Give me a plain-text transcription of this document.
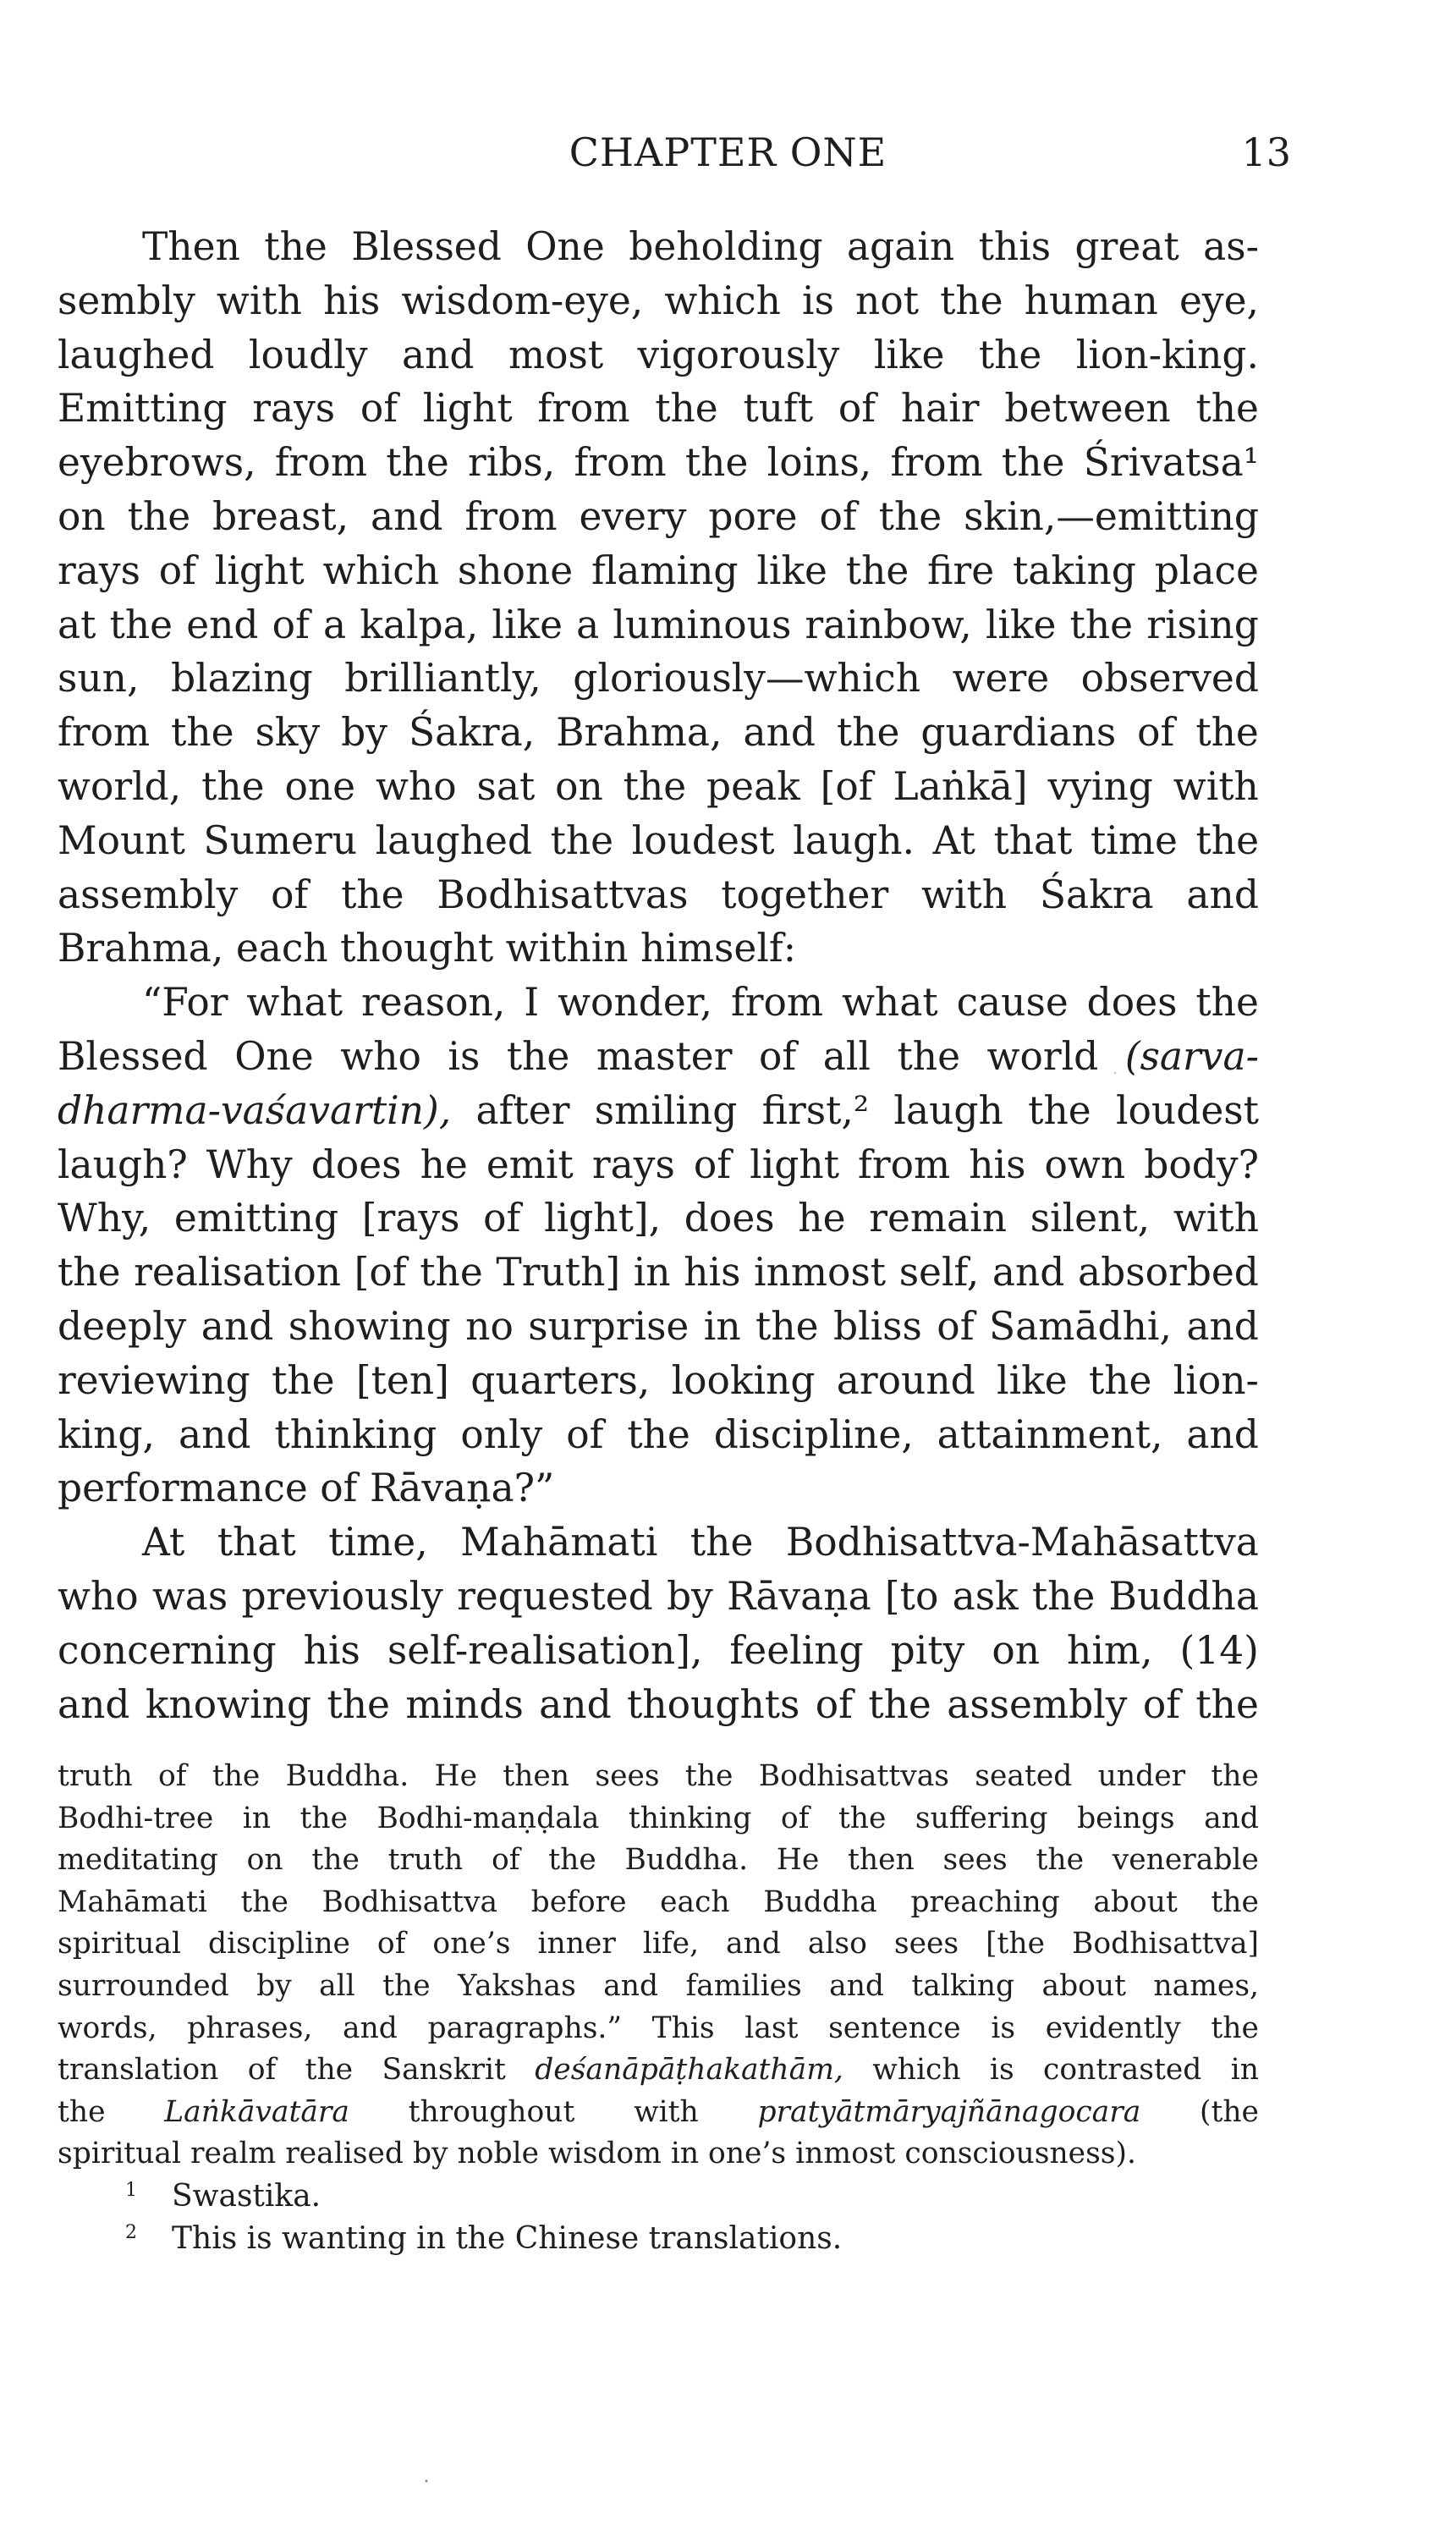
CHAPTER ONE	13
Then the Blessed One beholding again this great as-
sembly with his wisdom-eye, which is not the human eye,
laughed loudly and most vigorously like the lion-king.
Emitting rays of light from the tuft of hair between the
eyebrows, from the ribs, from the loins, from the Śrivatsa¹
on the breast, and from every pore of the skin,—emitting
rays of light which shone flaming like the fire taking place
at the end of a kalpa, like a luminous rainbow, like the rising
sun, blazing brilliantly, gloriously—which were observed
from the sky by Śakra, Brahma, and the guardians of the
world, the one who sat on the peak [of Laṅkā] vying with
Mount Sumeru laughed the loudest laugh. At that time the
assembly of the Bodhisattvas together with Śakra and
Brahma,
each
thought
within
himself:

“For what reason, I wonder, from what cause does the
Blessed One who is the master of all the world (sarva-
dharma-vaśavartin), after smiling first,² laugh the loudest
laugh? Why does he emit rays of light from his own body?
Why, emitting [rays of light], does he remain silent, with
the realisation [of the Truth] in his inmost self, and absorbed
deeply and showing no surprise in the bliss of Samādhi, and
reviewing the [ten] quarters, looking around like the lion-
king, and thinking only of the discipline, attainment, and
performance
of
Rāvaṇa?”

At that time, Mahāmati the Bodhisattva-Mahāsattva
who was previously requested by Rāvaṇa [to ask the Buddha
concerning his self-realisation], feeling pity on him, (14)
and knowing the minds and thoughts of the assembly of the
truth of the Buddha. He then sees the Bodhisattvas seated under the
Bodhi-tree in the Bodhi-maṇḍala thinking of the suffering beings and
meditating on the truth of the Buddha. He then sees the venerable
Mahāmati the Bodhisattva before each Buddha preaching about the
spiritual discipline of one’s inner life, and also sees [the Bodhisattva]
surrounded by all the Yakshas and families and talking about names,
words, phrases, and paragraphs.” This last sentence is evidently the
translation of the Sanskrit deśanāpāṭhakathām, which is contrasted in
the Laṅkāvatāra throughout with pratyātmāryajñānagocara (the
spiritual
realm
realised
by
noble
wisdom
in
one’s
inmost
consciousness).

1	Swastika.
2	This is wanting in the Chinese translations.
